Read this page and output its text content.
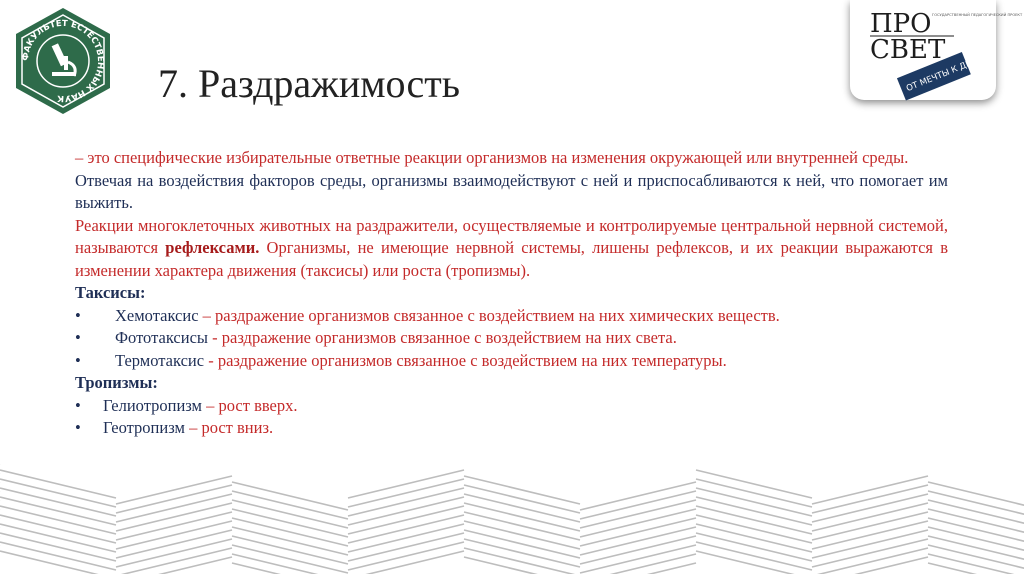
ФАКУЛЬТЕТ ЕСТЕСТВЕННЫХ НАУК
ПРО
СВЕТ
ГОСУДАРСТВЕННЫЙ ПЕДАГОГИЧЕСКИЙ ПРОЕКТ
ОТ МЕЧТЫ К ДЕЛУ
7. Раздражимость

– это специфические избирательные ответные реакции организмов на изменения окружающей или внутренней среды.

Отвечая на воздействия факторов среды, организмы взаимодействуют с ней и приспосабливаются к ней, что помогает им выжить.

Реакции многоклеточных животных на раздражители, осуществляемые и контролируемые центральной нервной системой, называются рефлексами. Организмы, не имеющие нервной системы, лишены рефлексов, и их реакции выражаются в изменении характера движения (таксисы) или роста (тропизмы).

Таксисы:

•	Хемотаксис – раздражение организмов связанное с воздействием на них химических веществ.
•	Фототаксисы - раздражение организмов связанное с воздействием на них света.
•	Термотаксис - раздражение организмов связанное с воздействием на них температуры.

Тропизмы:

•	Гелиотропизм – рост вверх.
•	Геотропизм – рост вниз.
